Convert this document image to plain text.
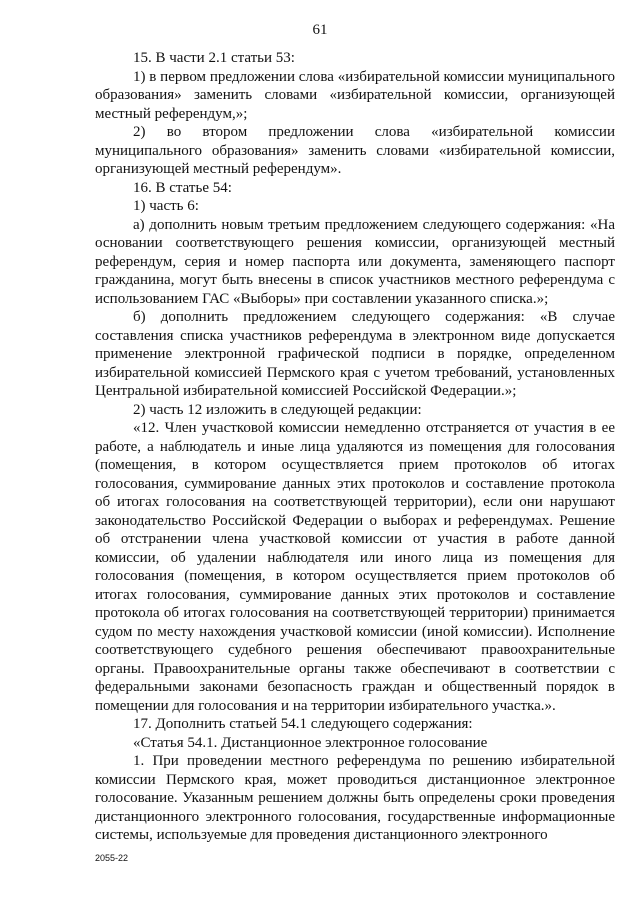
61

15. В части 2.1 статьи 53:

1) в первом предложении слова «избирательной комиссии муниципального образования» заменить словами «избирательной комиссии, организующей местный референдум,»;

2) во втором предложении слова «избирательной комиссии муниципального образования» заменить словами «избирательной комиссии, организующей местный референдум».

16. В статье 54:

1) часть 6:

а) дополнить новым третьим предложением следующего содержания: «На основании соответствующего решения комиссии, организующей местный референдум, серия и номер паспорта или документа, заменяющего паспорт гражданина, могут быть внесены в список участников местного референдума с использованием ГАС «Выборы» при составлении указанного списка.»;

б) дополнить предложением следующего содержания: «В случае составления списка участников референдума в электронном виде допускается применение электронной графической подписи в порядке, определенном избирательной комиссией Пермского края с учетом требований, установленных Центральной избирательной комиссией Российской Федерации.»;

2) часть 12 изложить в следующей редакции:

«12. Член участковой комиссии немедленно отстраняется от участия в ее работе, а наблюдатель и иные лица удаляются из помещения для голосования (помещения, в котором осуществляется прием протоколов об итогах голосования, суммирование данных этих протоколов и составление протокола об итогах голосования на соответствующей территории), если они нарушают законодательство Российской Федерации о выборах и референдумах. Решение об отстранении члена участковой комиссии от участия в работе данной комиссии, об удалении наблюдателя или иного лица из помещения для голосования (помещения, в котором осуществляется прием протоколов об итогах голосования, суммирование данных этих протоколов и составление протокола об итогах голосования на соответствующей территории) принимается судом по месту нахождения участковой комиссии (иной комиссии). Исполнение соответствующего судебного решения обеспечивают правоохранительные органы. Правоохранительные органы также обеспечивают в соответствии с федеральными законами безопасность граждан и общественный порядок в помещении для голосования и на территории избирательного участка.».

17. Дополнить статьей 54.1 следующего содержания:

«Статья 54.1. Дистанционное электронное голосование

1. При проведении местного референдума по решению избирательной комиссии Пермского края, может проводиться дистанционное электронное голосование. Указанным решением должны быть определены сроки проведения дистанционного электронного голосования, государственные информационные системы, используемые для проведения дистанционного электронного

2055-22
